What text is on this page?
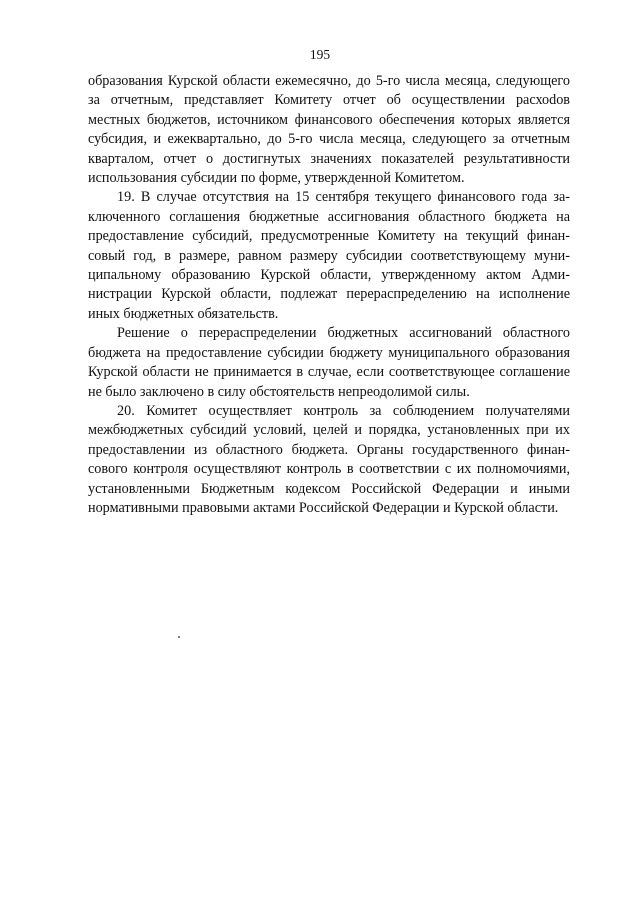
195

образования Курской области ежемесячно, до 5-го числа месяца, следующего за отчетным, представляет Комитету отчет об осуществлении расхоdов местных бюджетов, источником финансового обеспечения которых является субсидия, и ежеквартально, до 5-го числа месяца, следующего за отчетным кварталом, отчет о достигнутых значениях показателей результативности использования субсидии по форме, утвержденной Комитетом.

19. В случае отсутствия на 15 сентября текущего финансового года заключенного соглашения бюджетные ассигнования областного бюджета на предоставление субсидий, предусмотренные Комитету на текущий финансовый год, в размере, равном размеру субсидии соответствующему муниципальному образованию Курской области, утвержденному актом Администрации Курской области, подлежат перераспределению на исполнение иных бюджетных обязательств.

Решение о перераспределении бюджетных ассигнований областного бюджета на предоставление субсидии бюджету муниципального образования Курской области не принимается в случае, если соответствующее соглашение не было заключено в силу обстоятельств непреодолимой силы.

20. Комитет осуществляет контроль за соблюдением получателями межбюджетных субсидий условий, целей и порядка, установленных при их предоставлении из областного бюджета. Органы государственного финансового контроля осуществляют контроль в соответствии с их полномочиями, установленными Бюджетным кодексом Российской Федерации и иными нормативными правовыми актами Российской Федерации и Курской области.
